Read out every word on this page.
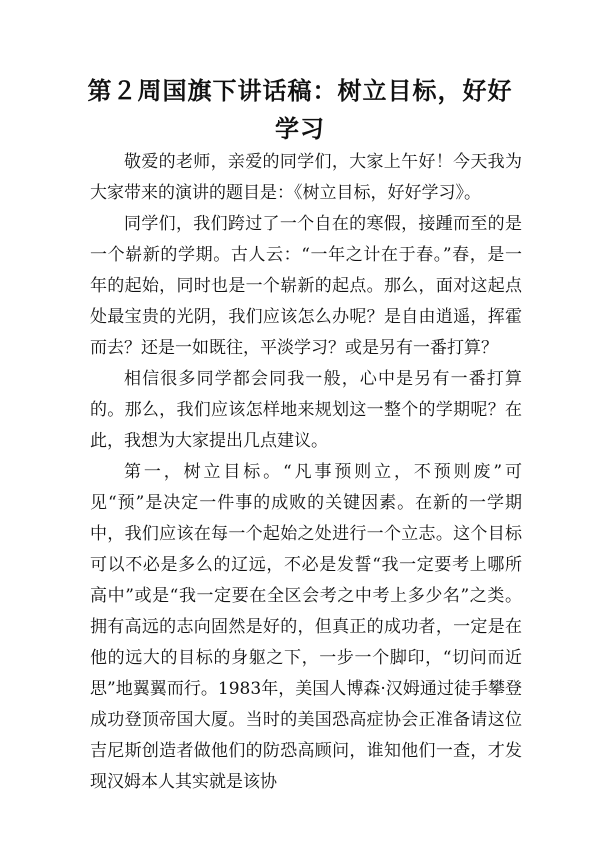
第２周国旗下讲话稿：树立目标，好好学习

敬爱的老师，亲爱的同学们，大家上午好！今天我为大家带来的演讲的题目是：《树立目标，好好学习》。

同学们，我们跨过了一个自在的寒假，接踵而至的是一个崭新的学期。古人云：“一年之计在于春。”春，是一年的起始，同时也是一个崭新的起点。那么，面对这起点处最宝贵的光阴，我们应该怎么办呢？是自由逍遥，挥霍而去？还是一如既往，平淡学习？或是另有一番打算？

相信很多同学都会同我一般，心中是另有一番打算的。那么，我们应该怎样地来规划这一整个的学期呢？在此，我想为大家提出几点建议。

第一，树立目标。“凡事预则立，不预则废”可见“预”是决定一件事的成败的关键因素。在新的一学期中，我们应该在每一个起始之处进行一个立志。这个目标可以不必是多么的辽远，不必是发誓“我一定要考上哪所高中”或是“我一定要在全区会考之中考上多少名”之类。拥有高远的志向固然是好的，但真正的成功者，一定是在他的远大的目标的身躯之下，一步一个脚印，“切问而近思”地翼翼而行。1983年，美国人博森·汉姆通过徒手攀登成功登顶帝国大厦。当时的美国恐高症协会正准备请这位吉尼斯创造者做他们的防恐高顾问，谁知他们一查，才发现汉姆本人其实就是该协
